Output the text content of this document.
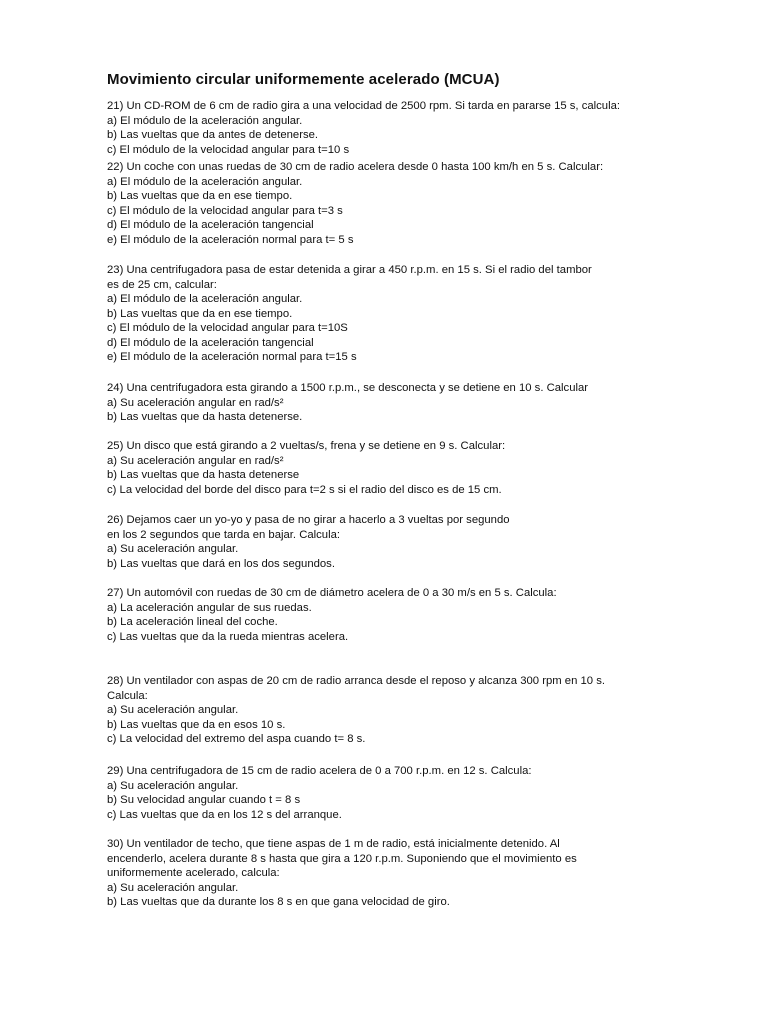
Movimiento circular uniformemente acelerado (MCUA)
21) Un CD-ROM de 6 cm de radio gira a una velocidad de 2500 rpm. Si tarda en pararse 15 s, calcula:
a) El módulo de la aceleración angular.
b) Las vueltas que da antes de detenerse.
c) El módulo de la velocidad angular para t=10 s
22) Un coche con unas ruedas de 30 cm de radio acelera desde 0 hasta 100 km/h en 5 s. Calcular:
a) El módulo de la aceleración angular.
b) Las vueltas que da en ese tiempo.
c) El módulo de la velocidad angular para t=3 s
d) El módulo de la aceleración tangencial
e) El módulo de la aceleración normal para t= 5 s
23) Una centrifugadora pasa de estar detenida a girar a 450 r.p.m. en 15 s. Si el radio del tambor
es de 25 cm, calcular:
a) El módulo de la aceleración angular.
b) Las vueltas que da en ese tiempo.
c) El módulo de la velocidad angular para t=10S
d) El módulo de la aceleración tangencial
e) El módulo de la aceleración normal para t=15 s
24) Una centrifugadora esta girando a 1500 r.p.m., se desconecta y se detiene en 10 s. Calcular
a) Su aceleración angular en rad/s²
b) Las vueltas que da hasta detenerse.
25) Un disco que está girando a 2 vueltas/s, frena y se detiene en 9 s. Calcular:
a) Su aceleración angular en rad/s²
b) Las vueltas que da hasta detenerse
c) La velocidad del borde del disco para t=2 s si el radio del disco es de 15 cm.
26) Dejamos caer un yo-yo y pasa de no girar a hacerlo a 3 vueltas por segundo
en los 2 segundos que tarda en bajar. Calcula:
a) Su aceleración angular.
b) Las vueltas que dará en los dos segundos.
27) Un automóvil con ruedas de 30 cm de diámetro acelera de 0 a 30 m/s en 5 s. Calcula:
a) La aceleración angular de sus ruedas.
b) La aceleración lineal del coche.
c) Las vueltas que da la rueda mientras acelera.
28) Un ventilador con aspas de 20 cm de radio arranca desde el reposo y alcanza 300 rpm en 10 s.
Calcula:
a) Su aceleración angular.
b) Las vueltas que da en esos 10 s.
c) La velocidad del extremo del aspa cuando t= 8 s.
29) Una centrifugadora de 15 cm de radio acelera de 0 a 700 r.p.m. en 12 s. Calcula:
a) Su aceleración angular.
b) Su velocidad angular cuando t = 8 s
c) Las vueltas que da en los 12 s del arranque.
30) Un ventilador de techo, que tiene aspas de 1 m de radio, está inicialmente detenido. Al
encenderlo, acelera durante 8 s hasta que gira a 120 r.p.m. Suponiendo que el movimiento es
uniformemente acelerado, calcula:
a) Su aceleración angular.
b) Las vueltas que da durante los 8 s en que gana velocidad de giro.
